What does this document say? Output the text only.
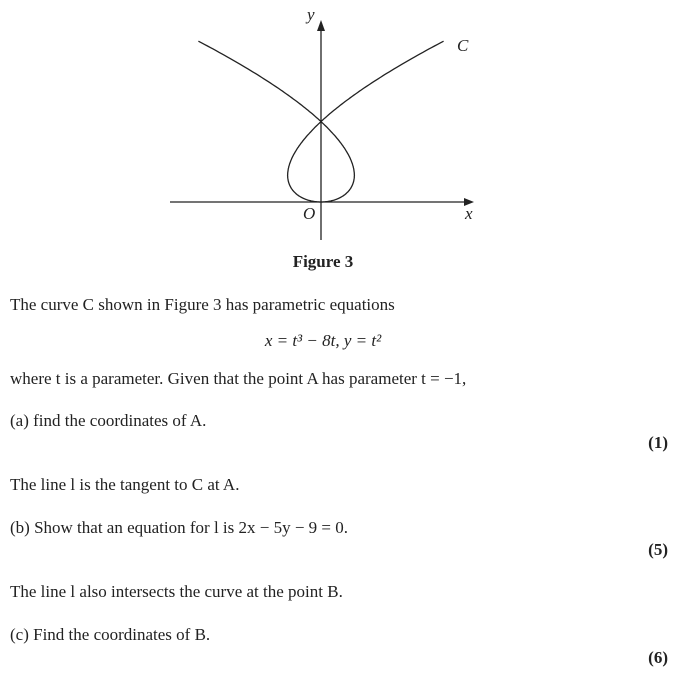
y
x
O
C
Figure 3
The curve C shown in Figure 3 has parametric equations
x = t³ − 8t, y = t²
where t is a parameter. Given that the point A has parameter t = −1,
(a) find the coordinates of A.
(1)
The line l is the tangent to C at A.
(b) Show that an equation for l is 2x − 5y − 9 = 0.
(5)
The line l also intersects the curve at the point B.
(c) Find the coordinates of B.
(6)
